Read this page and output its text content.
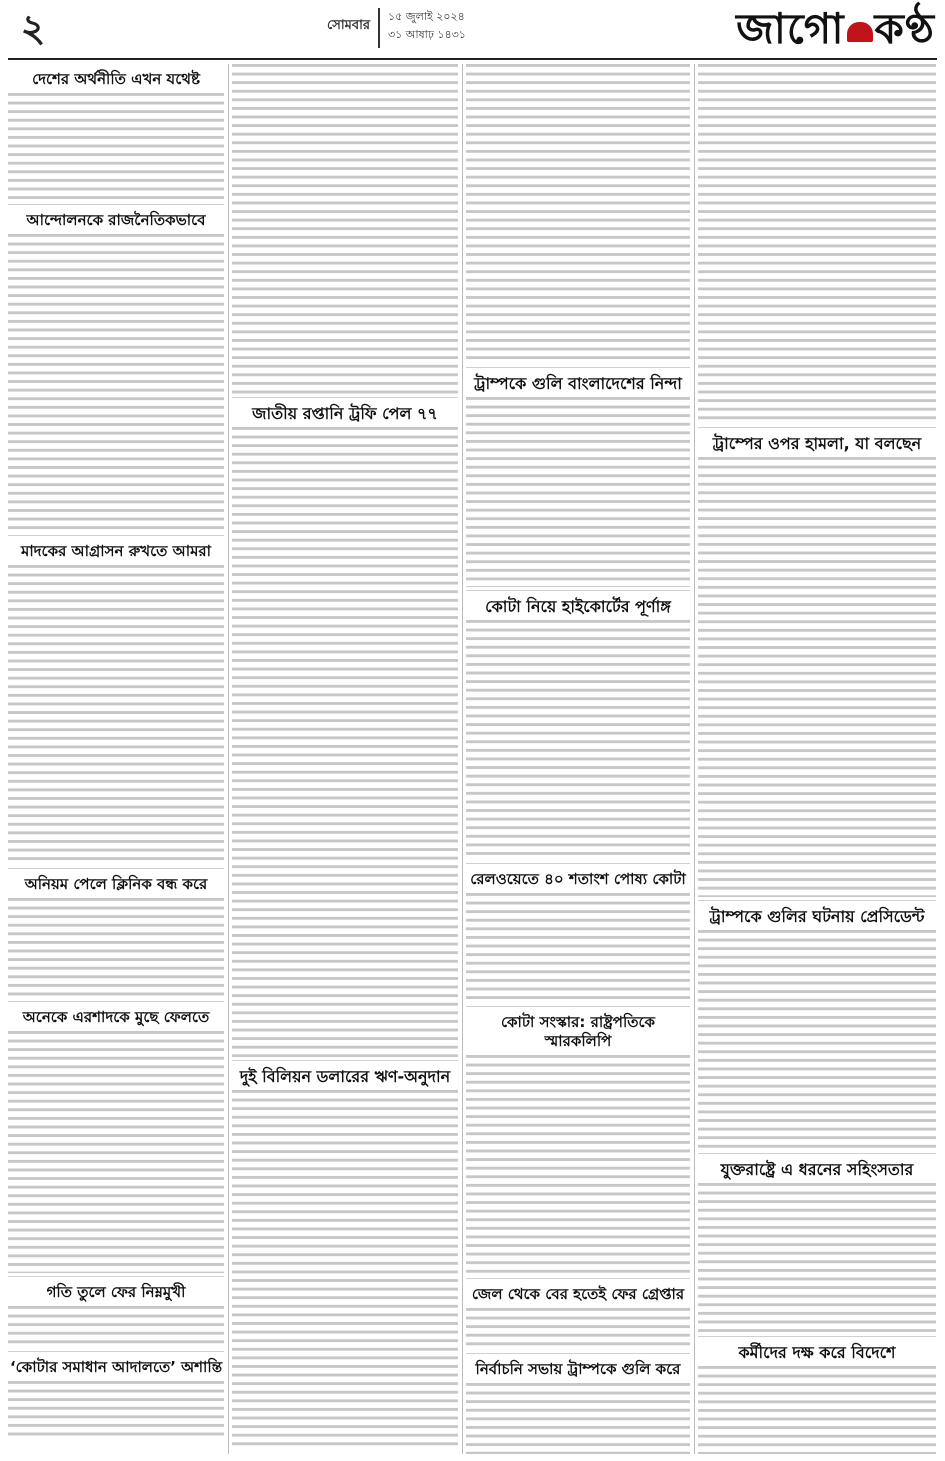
২	সোমবার
১৫ জুলাই ২০২৪
৩১ আষাঢ় ১৪৩১	জাগো কণ্ঠ
দেশের অর্থনীতি এখন যথেষ্ট
আন্দোলনকে রাজনৈতিকভাবে
মাদকের আগ্রাসন রুখতে আমরা
অনিয়ম পেলে ক্লিনিক বন্ধ করে
অনেকে এরশাদকে মুছে ফেলতে
গতি তুলে ফের নিম্নমুখী
‘কোটার সমাধান আদালতে’ অশান্তি
জাতীয় রপ্তানি ট্রফি পেল ৭৭
দুই বিলিয়ন ডলারের ঋণ-অনুদান
ট্রাম্পকে গুলি বাংলাদেশের নিন্দা
কোটা নিয়ে হাইকোর্টের পূর্ণাঙ্গ
রেলওয়েতে ৪০ শতাংশ পোষ্য কোটা
কোটা সংস্কার: রাষ্ট্রপতিকে স্মারকলিপি
জেল থেকে বের হতেই ফের গ্রেপ্তার
নির্বাচনি সভায় ট্রাম্পকে গুলি করে
ট্রাম্পের ওপর হামলা, যা বলছেন
ট্রাম্পকে গুলির ঘটনায় প্রেসিডেন্ট
যুক্তরাষ্ট্রে এ ধরনের সহিংসতার
কর্মীদের দক্ষ করে বিদেশে
